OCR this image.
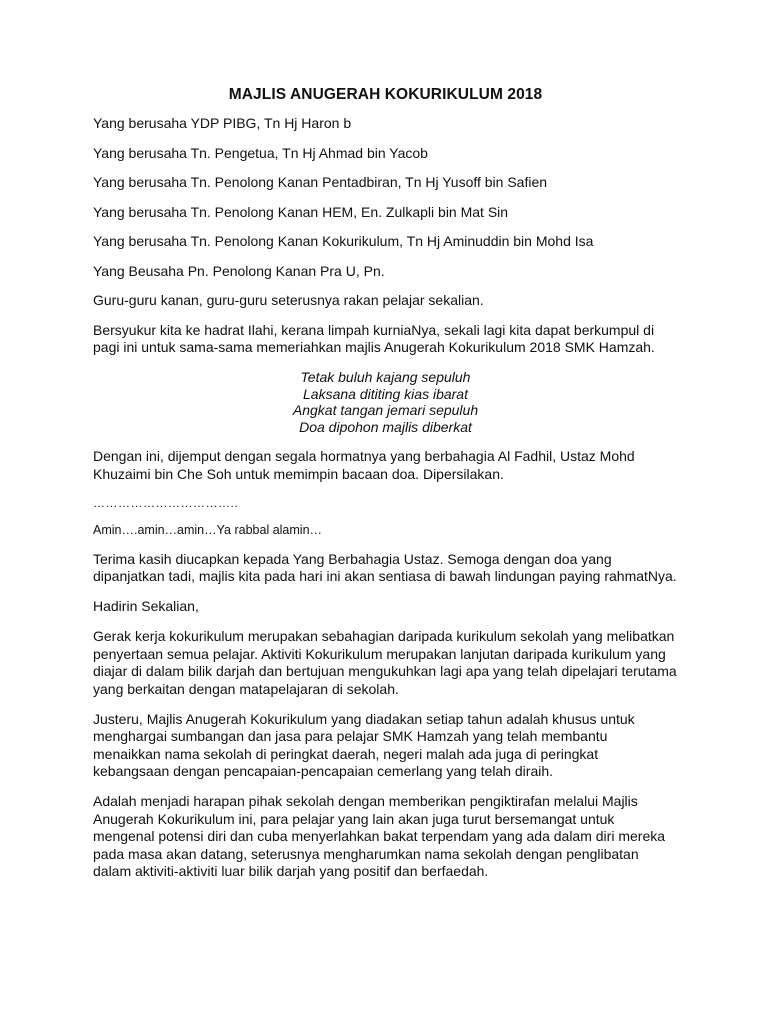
MAJLIS ANUGERAH KOKURIKULUM 2018
Yang berusaha YDP PIBG, Tn Hj Haron b
Yang berusaha Tn. Pengetua, Tn Hj Ahmad bin Yacob
Yang berusaha Tn. Penolong Kanan Pentadbiran, Tn Hj Yusoff bin Safien
Yang berusaha Tn. Penolong Kanan HEM, En. Zulkapli bin Mat Sin
Yang berusaha Tn. Penolong Kanan Kokurikulum, Tn Hj Aminuddin bin Mohd Isa
Yang Beusaha Pn. Penolong Kanan Pra U, Pn.
Guru-guru kanan, guru-guru seterusnya rakan pelajar sekalian.
Bersyukur kita ke hadrat Ilahi, kerana limpah kurniaNya, sekali lagi kita dapat berkumpul di pagi ini untuk sama-sama memeriahkan majlis Anugerah Kokurikulum 2018 SMK Hamzah.
Tetak buluh kajang sepuluh
Laksana dititing kias ibarat
Angkat tangan jemari sepuluh
Doa dipohon majlis diberkat
Dengan ini, dijemput dengan segala hormatnya yang berbahagia Al Fadhil, Ustaz Mohd Khuzaimi bin Che Soh untuk memimpin bacaan doa. Dipersilakan.
……………………………..
Amin….amin…amin…Ya rabbal alamin…
Terima kasih diucapkan kepada Yang Berbahagia Ustaz. Semoga dengan doa yang dipanjatkan tadi, majlis kita pada hari ini akan sentiasa di bawah lindungan paying rahmatNya.
Hadirin Sekalian,
Gerak kerja kokurikulum merupakan sebahagian daripada kurikulum sekolah yang melibatkan penyertaan semua pelajar. Aktiviti Kokurikulum merupakan lanjutan daripada kurikulum yang diajar di dalam bilik darjah dan bertujuan mengukuhkan lagi apa yang telah dipelajari terutama yang berkaitan dengan matapelajaran di sekolah.
Justeru, Majlis Anugerah Kokurikulum yang diadakan setiap tahun adalah khusus untuk menghargai sumbangan dan jasa para pelajar SMK Hamzah yang telah membantu menaikkan nama sekolah di peringkat daerah, negeri malah ada juga di peringkat kebangsaan dengan pencapaian-pencapaian cemerlang yang telah diraih.
Adalah menjadi harapan pihak sekolah dengan memberikan pengiktirafan melalui Majlis Anugerah Kokurikulum ini, para pelajar yang lain akan juga turut bersemangat untuk mengenal potensi diri dan cuba menyerlahkan bakat terpendam yang ada dalam diri mereka pada masa akan datang, seterusnya mengharumkan nama sekolah dengan penglibatan dalam aktiviti-aktiviti luar bilik darjah yang positif dan berfaedah.
